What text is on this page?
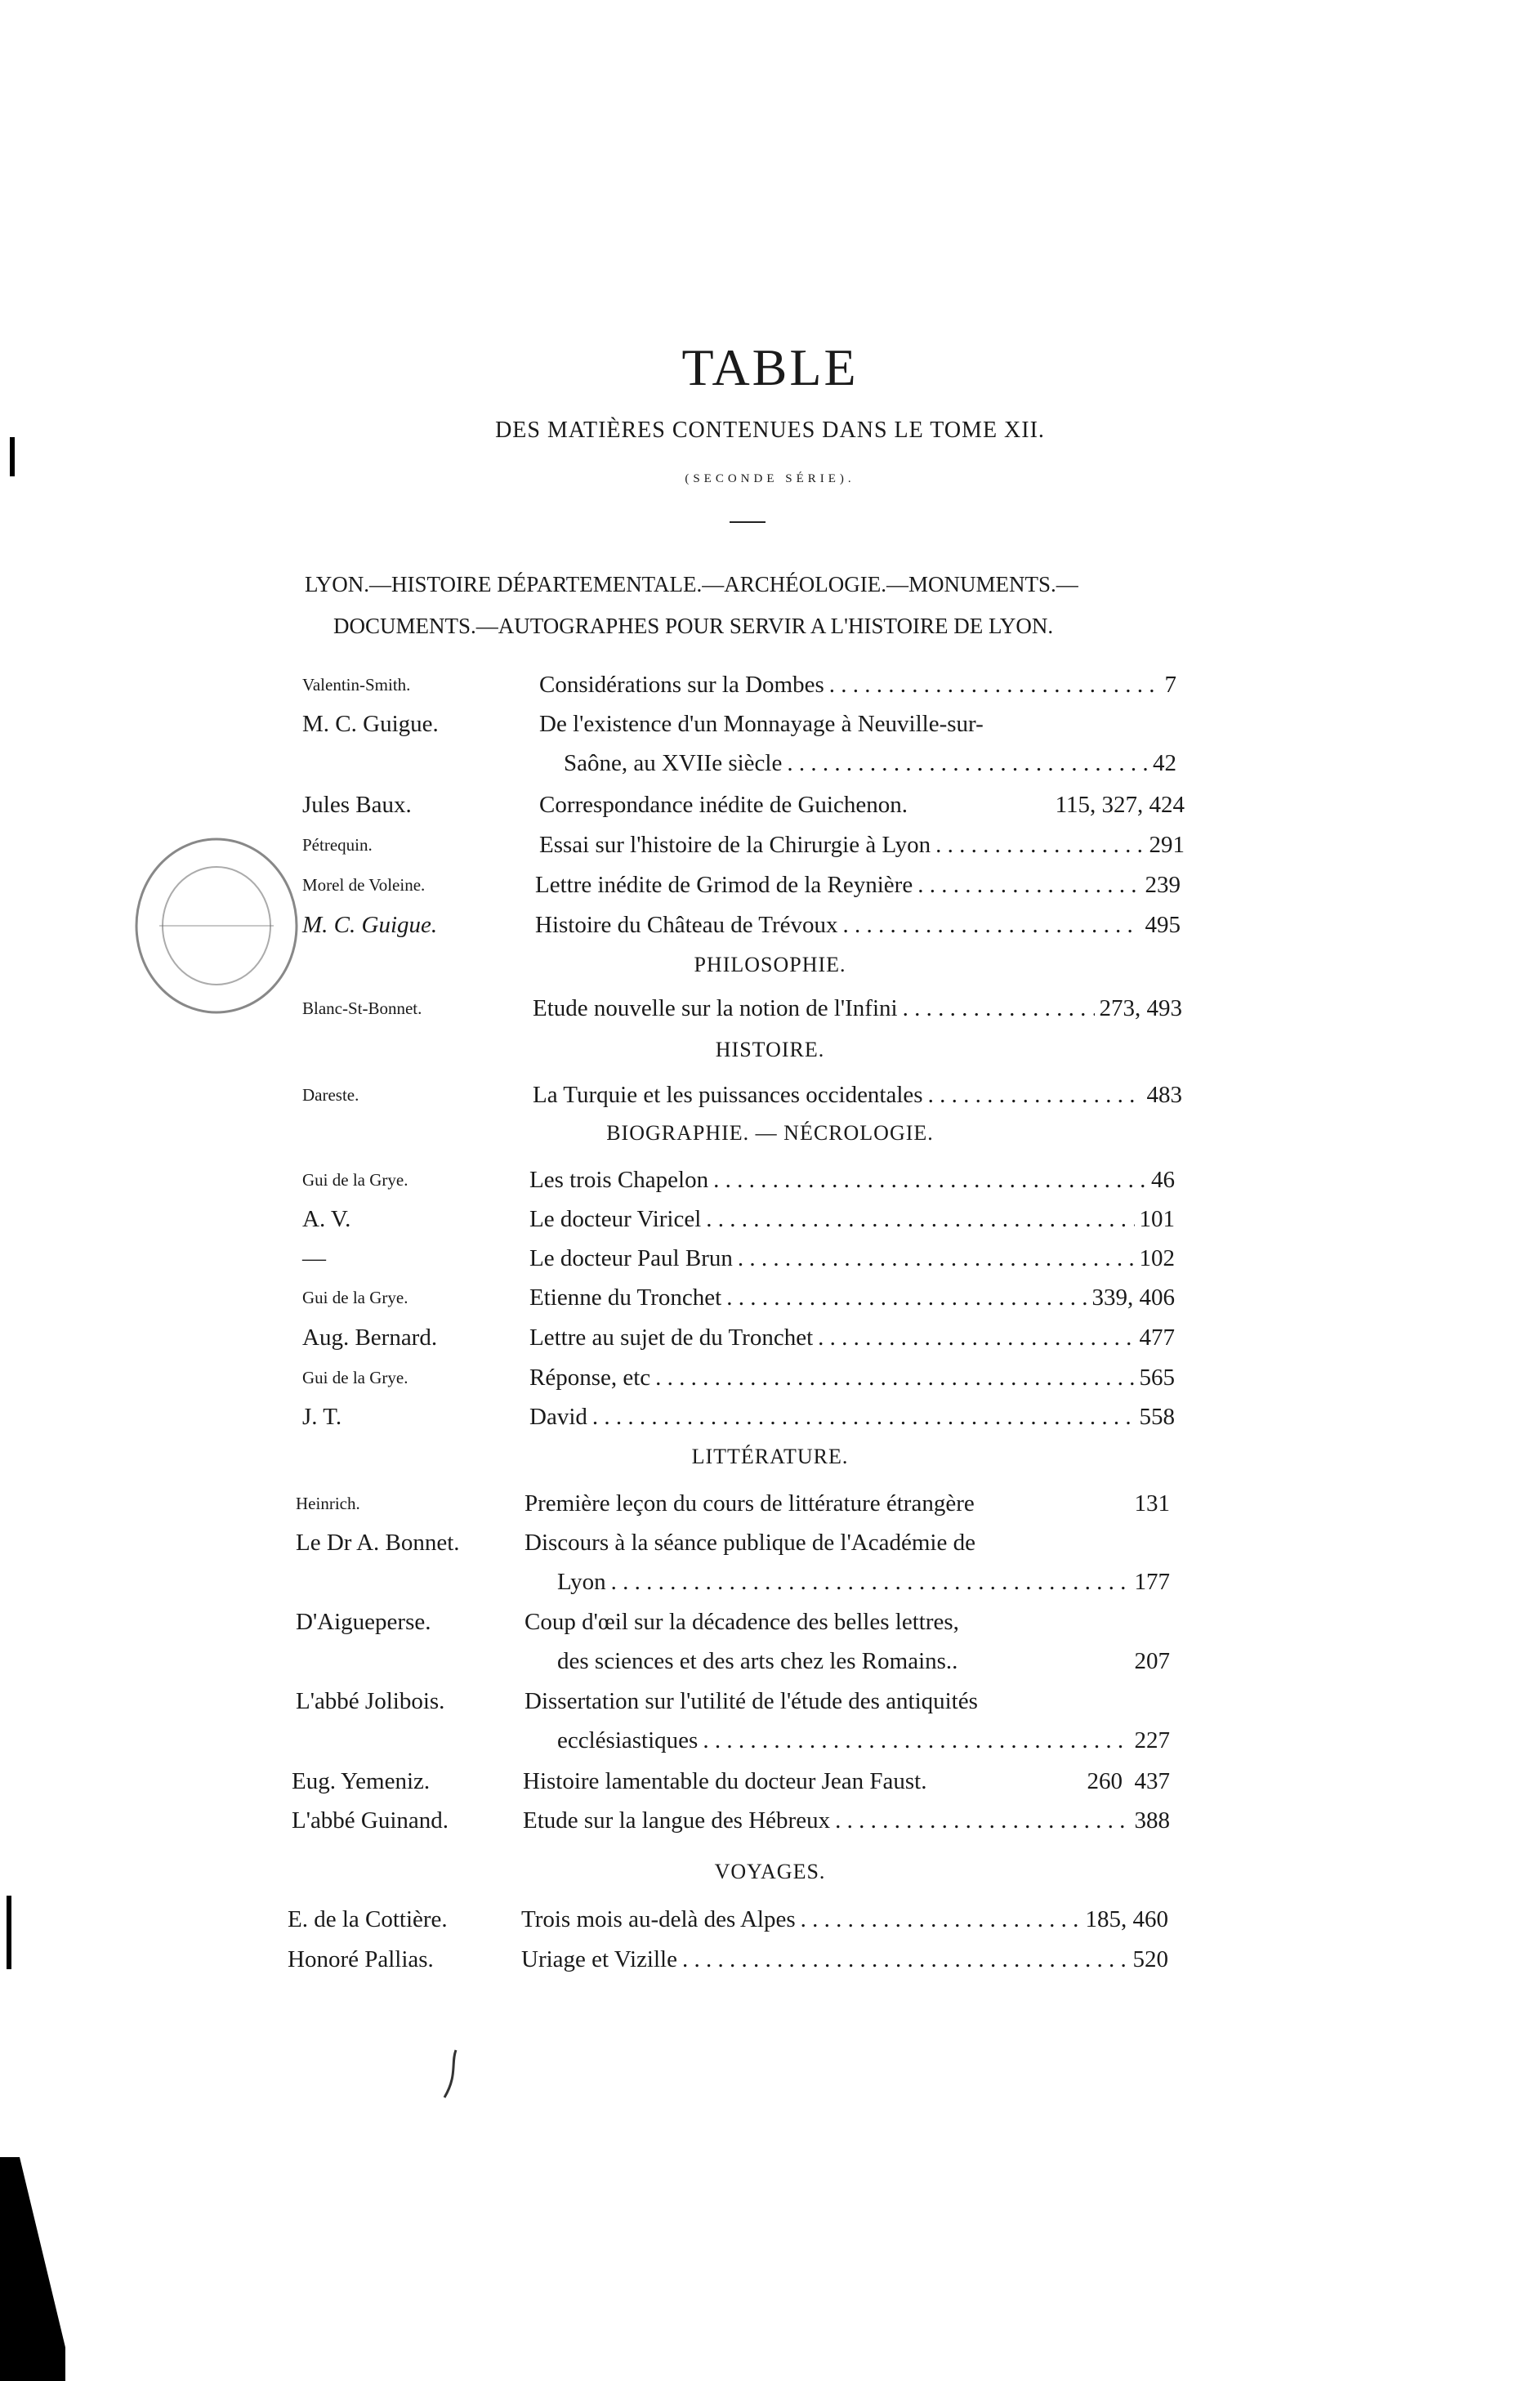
TABLE
DES MATIÈRES CONTENUES DANS LE TOME XII.
(SECONDE SÉRIE).
LYON.—HISTOIRE DÉPARTEMENTALE.—ARCHÉOLOGIE.—MONUMENTS.—
DOCUMENTS.—AUTOGRAPHES POUR SERVIR A L'HISTOIRE DE LYON.
Valentin-Smith.	Considérations sur la Dombes . . .	7
M. C. Guigue.	De l'existence d'un Monnayage à Neuville-sur-
Saône, au XVIIe siècle . . .	42
Jules Baux.	Correspondance inédite de Guichenon.	115, 327, 424
Pétrequin.	Essai sur l'histoire de la Chirurgie à Lyon . . .	291
Morel de Voleine.	Lettre inédite de Grimod de la Reynière . . .	239
M. C. Guigue.	Histoire du Château de Trévoux . . .	495
PHILOSOPHIE.
Blanc-St-Bonnet.	Etude nouvelle sur la notion de l'Infini . . .	273, 493
HISTOIRE.
Dareste.	La Turquie et les puissances occidentales . . .	483
BIOGRAPHIE. — NÉCROLOGIE.
Gui de la Grye.	Les trois Chapelon . . .	46
A. V.	Le docteur Viricel . . .	101
—	Le docteur Paul Brun . . .	102
Gui de la Grye.	Etienne du Tronchet . . .	339, 406
Aug. Bernard.	Lettre au sujet de du Tronchet . . .	477
Gui de la Grye.	Réponse, etc . . .	565
J. T.	David . . .	558
LITTÉRATURE.
Heinrich.	Première leçon du cours de littérature étrangère	131
Le Dr A. Bonnet.	Discours à la séance publique de l'Académie de
Lyon . . .	177
D'Aigueperse.	Coup d'œil sur la décadence des belles lettres,
des sciences et des arts chez les Romains..	207
L'abbé Jolibois.	Dissertation sur l'utilité de l'étude des antiquités
ecclésiastiques . . .	227
Eug. Yemeniz.	Histoire lamentable du docteur Jean Faust.	260  437
L'abbé Guinand.	Etude sur la langue des Hébreux . . .	388
VOYAGES.
E. de la Cottière.	Trois mois au-delà des Alpes . . .	185, 460
Honoré Pallias.	Uriage et Vizille . . .	520
